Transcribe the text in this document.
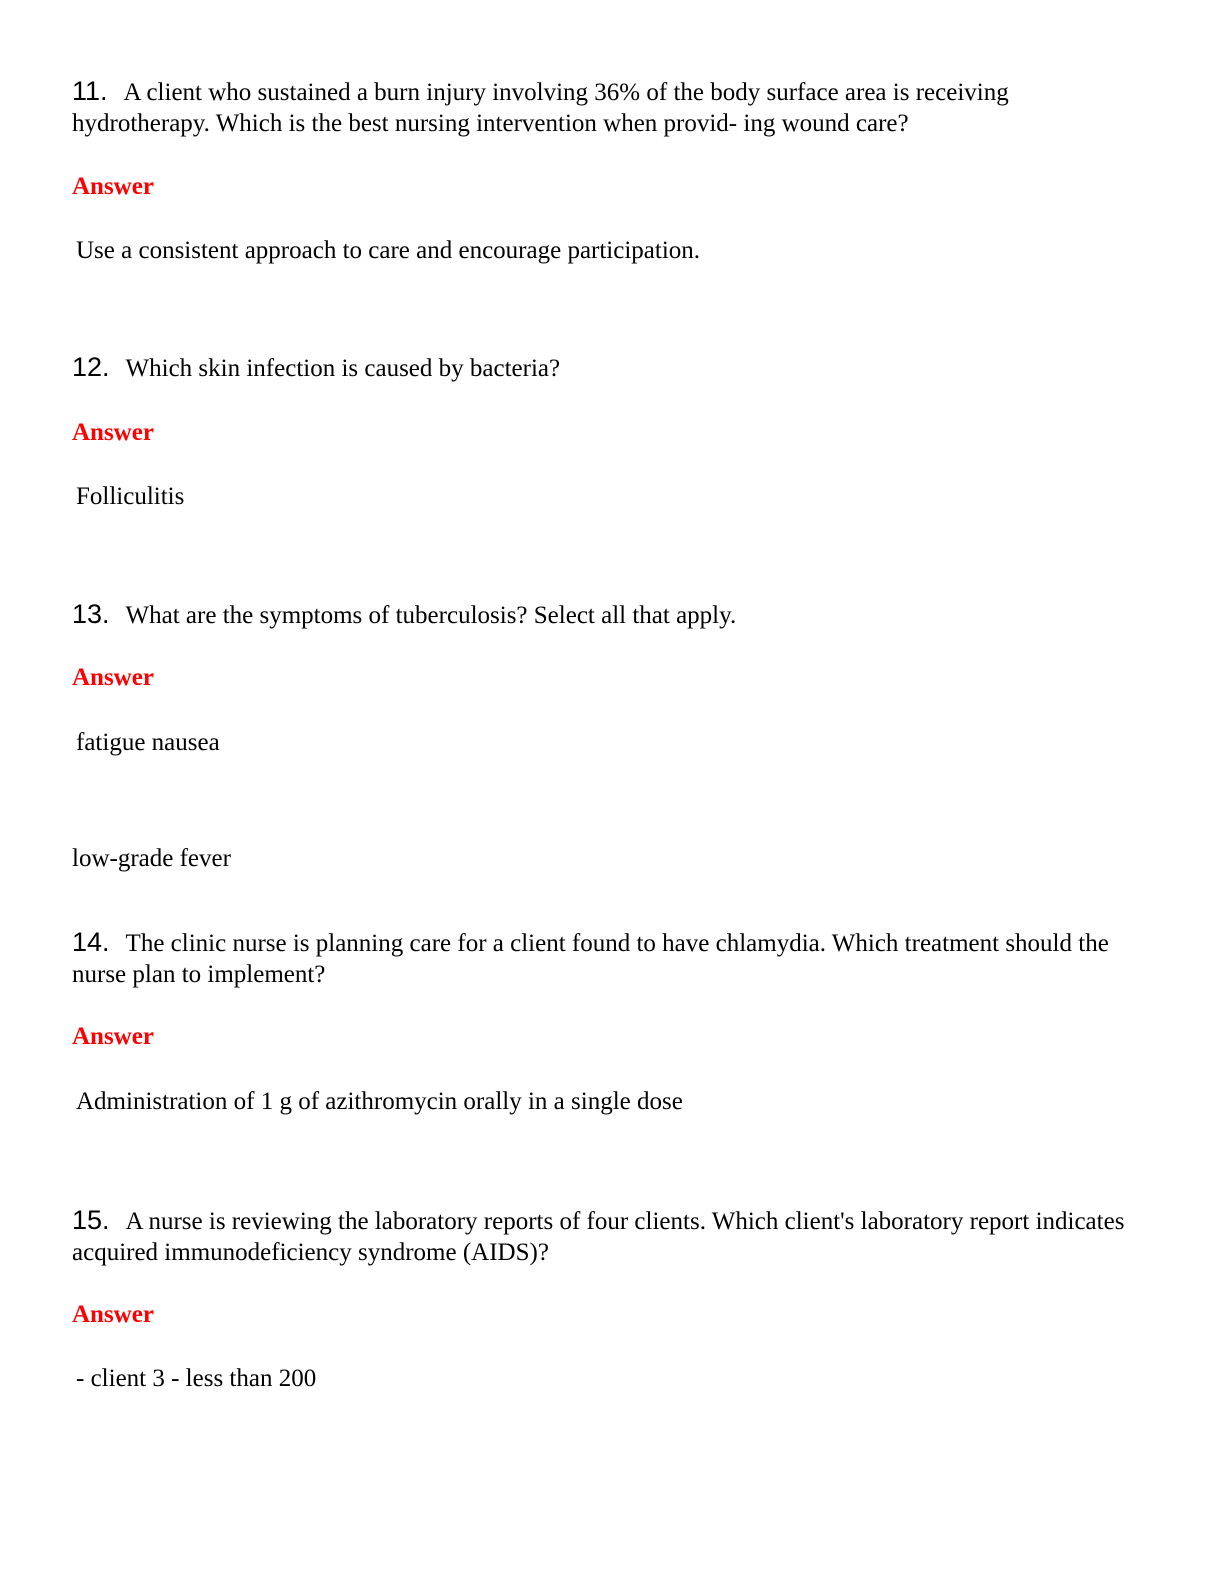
11. A client who sustained a burn injury involving 36% of the body surface area is receiving hydrotherapy. Which is the best nursing intervention when provid- ing wound care?

Answer
Use a consistent approach to care and encourage participation.

12. Which skin infection is caused by bacteria?

Answer
Folliculitis

13. What are the symptoms of tuberculosis? Select all that apply.

Answer
fatigue nausea
low-grade fever

14. The clinic nurse is planning care for a client found to have chlamydia. Which treatment should the nurse plan to implement?

Answer
Administration of 1 g of azithromycin orally in a single dose

15. A nurse is reviewing the laboratory reports of four clients. Which client's laboratory report indicates acquired immunodeficiency syndrome (AIDS)?

Answer
- client 3 - less than 200
